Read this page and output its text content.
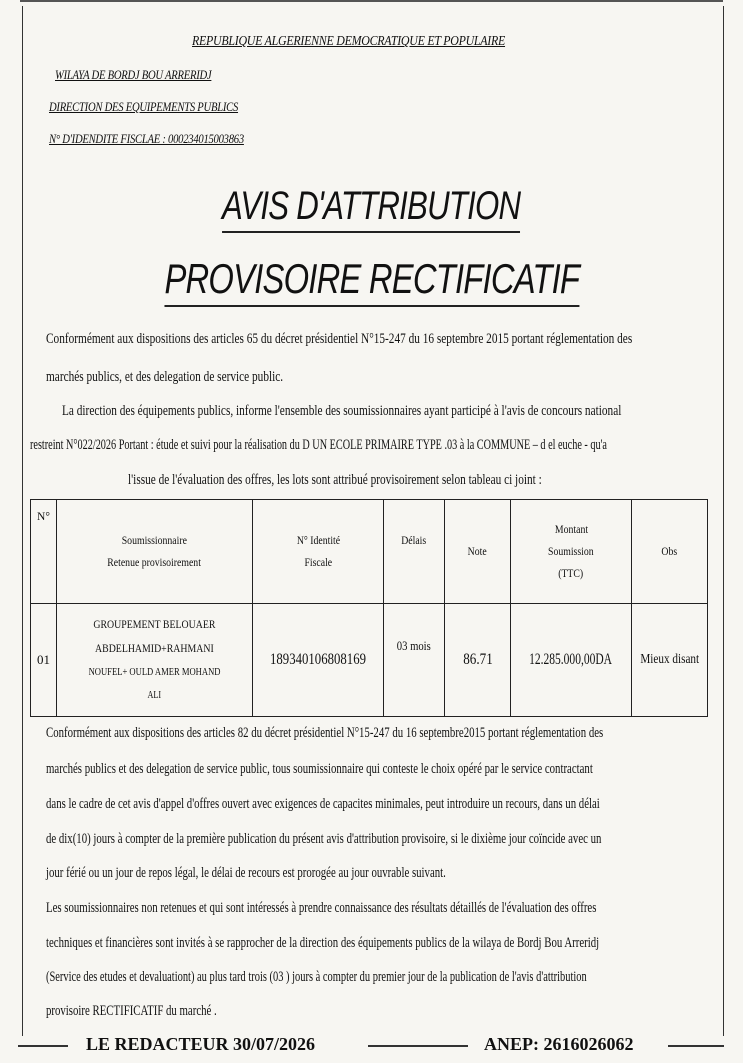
REPUBLIQUE ALGERIENNE DEMOCRATIQUE ET POPULAIRE
WILAYA DE BORDJ BOU ARRERIDJ
DIRECTION DES EQUIPEMENTS PUBLICS
N° D'IDENDITE FISCLAE : 000234015003863
AVIS D'ATTRIBUTION
PROVISOIRE RECTIFICATIF
Conformément aux dispositions des articles 65 du décret présidentiel N°15-247 du 16 septembre 2015 portant réglementation des
marchés publics, et des delegation de service public.
La direction des équipements publics, informe l'ensemble des soumissionnaires ayant participé à l'avis de concours national
restreint N°022/2026 Portant : étude et suivi pour la réalisation du D UN ECOLE PRIMAIRE TYPE .03 à la COMMUNE – d el euche - qu'a
l'issue de l'évaluation des offres, les lots sont attribué provisoirement selon tableau ci joint :
N°
Soumissionnaire
Retenue provisoirement
N° Identité
Fiscale
Délais
Note
Montant
Soumission
(TTC)
Obs
01
GROUPEMENT BELOUAER
ABDELHAMID+RAHMANI
NOUFEL+ OULD AMER MOHAND
ALI
189340106808169
03 mois
86.71 12.285.000,00DA Mieux disant
Conformément aux dispositions des articles 82 du décret présidentiel N°15-247 du 16 septembre2015 portant réglementation des
marchés publics et des delegation de service public, tous soumissionnaire qui conteste le choix opéré par le service contractant
dans le cadre de cet avis d'appel d'offres ouvert avec exigences de capacites minimales, peut introduire un recours, dans un délai
de dix(10) jours à compter de la première publication du présent avis d'attribution provisoire, si le dixième jour coïncide avec un
jour férié ou un jour de repos légal, le délai de recours est prorogée au jour ouvrable suivant.
Les soumissionnaires non retenues et qui sont intéressés à prendre connaissance des résultats détaillés de l'évaluation des offres
techniques et financières sont invités à se rapprocher de la direction des équipements publics de la wilaya de Bordj Bou Arreridj
(Service des etudes et devaluationt) au plus tard trois (03 ) jours à compter du premier jour de la publication de l'avis d'attribution
provisoire RECTIFICATIF du marché .
LE REDACTEUR 30/07/2026	ANEP: 2616026062
